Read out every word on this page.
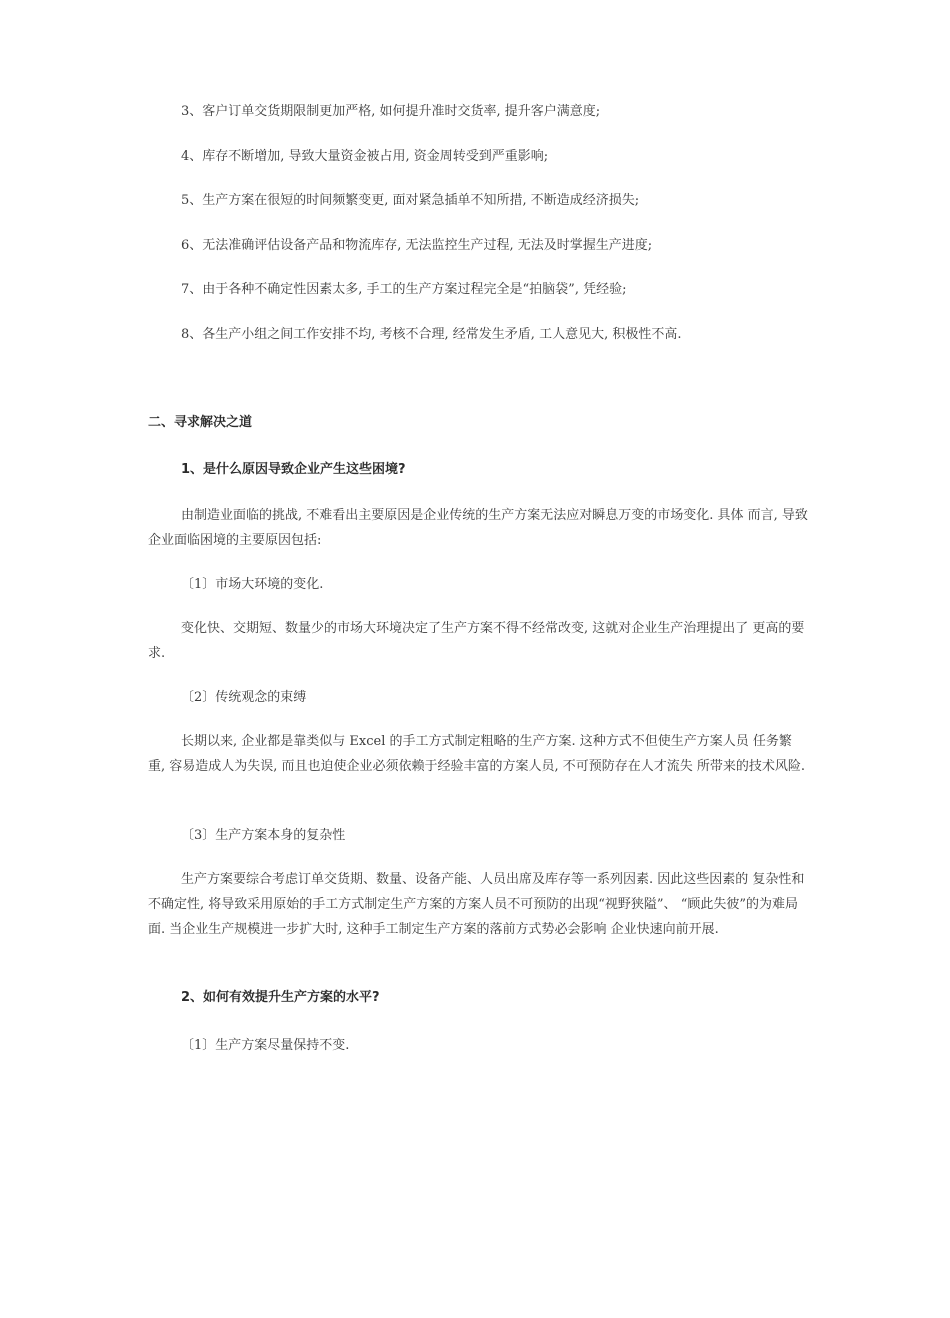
3、客户订单交货期限制更加严格, 如何提升准时交货率, 提升客户满意度;

4、库存不断增加, 导致大量资金被占用, 资金周转受到严重影响;

5、生产方案在很短的时间频繁变更, 面对紧急插单不知所措, 不断造成经济损失;

6、无法准确评估设备产品和物流库存, 无法监控生产过程, 无法及时掌握生产进度;

7、由于各种不确定性因素太多, 手工的生产方案过程完全是“拍脑袋”, 凭经验;

8、各生产小组之间工作安排不均, 考核不合理, 经常发生矛盾, 工人意见大, 积极性不高.

二、寻求解决之道

1、是什么原因导致企业产生这些困境?

由制造业面临的挑战, 不难看出主要原因是企业传统的生产方案无法应对瞬息万变的市场变化. 具体 而言, 导致企业面临困境的主要原因包括:

〔1〕市场大环境的变化.

变化快、交期短、数量少的市场大环境决定了生产方案不得不经常改变, 这就对企业生产治理提出了 更高的要求.

〔2〕传统观念的束缚

长期以来, 企业都是靠类似与 Excel 的手工方式制定粗略的生产方案. 这种方式不但使生产方案人员 任务繁重, 容易造成人为失误, 而且也迫使企业必须依赖于经验丰富的方案人员, 不可预防存在人才流失 所带来的技术风险.

〔3〕生产方案本身的复杂性

生产方案要综合考虑订单交货期、数量、设备产能、人员出席及库存等一系列因素. 因此这些因素的 复杂性和不确定性, 将导致采用原始的手工方式制定生产方案的方案人员不可预防的出现“视野狭隘”、 “顾此失彼”的为难局面. 当企业生产规模进一步扩大时, 这种手工制定生产方案的落前方式势必会影响 企业快速向前开展.

2、如何有效提升生产方案的水平?

〔1〕生产方案尽量保持不变.
